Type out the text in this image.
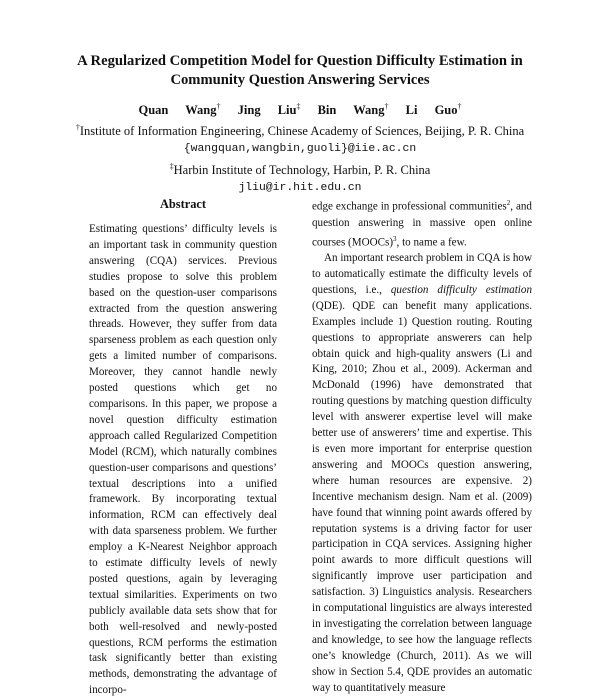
A Regularized Competition Model for Question Difficulty Estimation in
Community Question Answering Services
Quan Wang† Jing Liu‡ Bin Wang† Li Guo†
†Institute of Information Engineering, Chinese Academy of Sciences, Beijing, P. R. China
{wangquan,wangbin,guoli}@iie.ac.cn
‡Harbin Institute of Technology, Harbin, P. R. China
jliu@ir.hit.edu.cn
Abstract

Estimating questions’ difficulty levels is an important task in community question answering (CQA) services. Previous studies propose to solve this problem based on the question-user comparisons extracted from the question answering threads. However, they suffer from data sparseness problem as each question only gets a limited number of comparisons. Moreover, they cannot handle newly posted questions which get no comparisons. In this paper, we propose a novel question difficulty estimation approach called Regularized Competition Model (RCM), which naturally combines question-user comparisons and questions’ textual descriptions into a unified framework. By incorporating textual information, RCM can effectively deal with data sparseness problem. We further employ a K-Nearest Neighbor approach to estimate difficulty levels of newly posted questions, again by leveraging textual similarities. Experiments on two publicly available data sets show that for both well-resolved and newly-posted questions, RCM performs the estimation task significantly better than existing methods, demonstrating the advantage of incorpo-

edge exchange in professional communities$^2$, and question answering in massive open online courses (MOOCs)$^3$, to name a few.

An important research problem in CQA is how to automatically estimate the difficulty levels of questions, i.e., question difficulty estimation (QDE). QDE can benefit many applications. Examples include 1) Question routing. Routing questions to appropriate answerers can help obtain quick and high-quality answers (Li and King, 2010; Zhou et al., 2009). Ackerman and McDonald (1996) have demonstrated that routing questions by matching question difficulty level with answerer expertise level will make better use of answerers’ time and expertise. This is even more important for enterprise question answering and MOOCs question answering, where human resources are expensive. 2) Incentive mechanism design. Nam et al. (2009) have found that winning point awards offered by reputation systems is a driving factor for user participation in CQA services. Assigning higher point awards to more difficult questions will significantly improve user participation and satisfaction. 3) Linguistics analysis. Researchers in computational linguistics are always interested in investigating the correlation between language and knowledge, to see how the language reflects one’s knowledge (Church, 2011). As we will show in Section 5.4, QDE provides an automatic way to quantitatively measure
